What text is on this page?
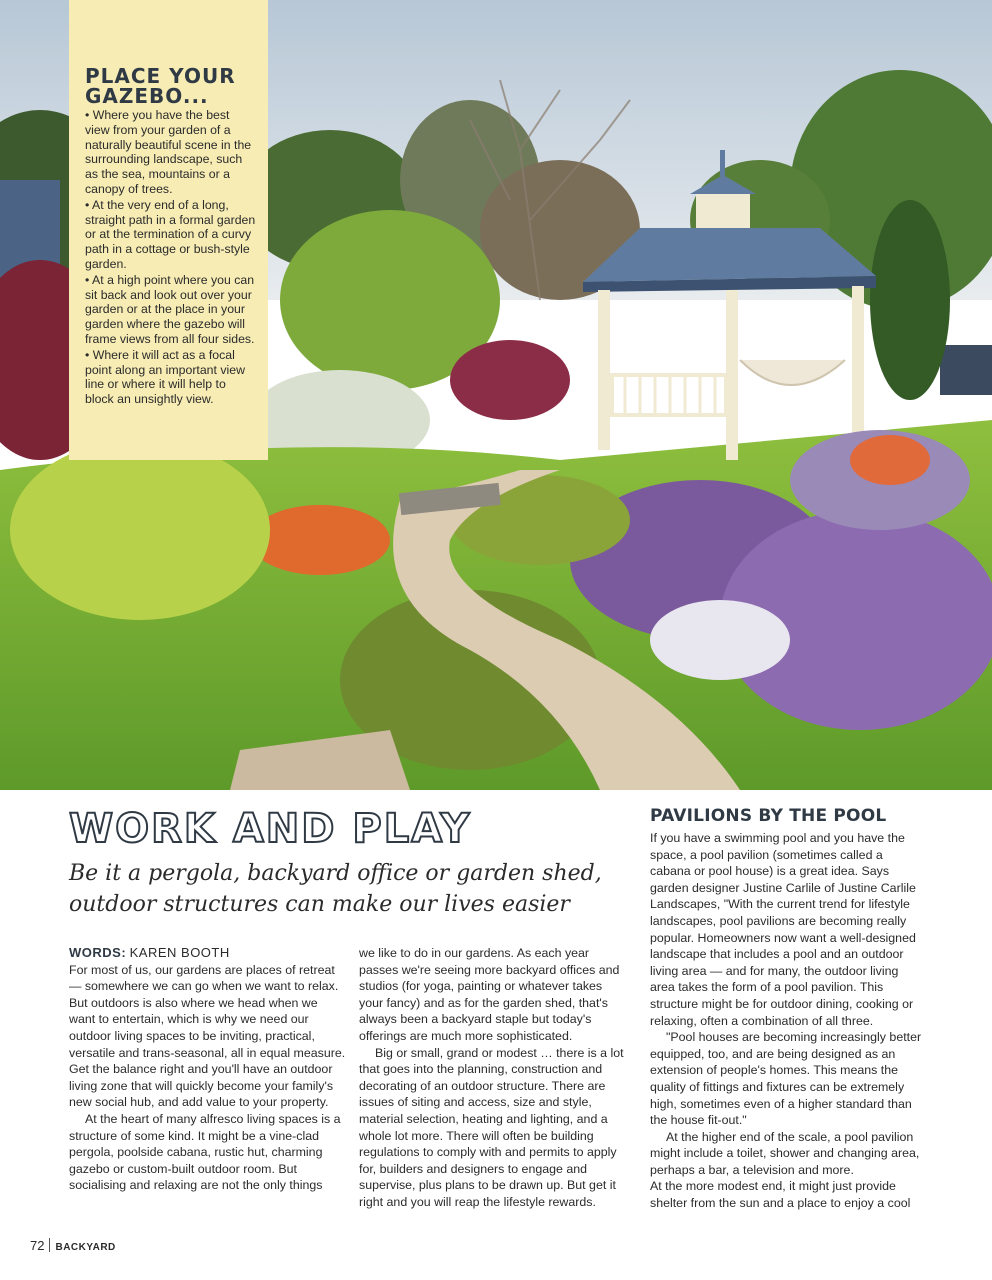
PLACE YOUR GAZEBO...

• Where you have the best view from your garden of a naturally beautiful scene in the surrounding landscape, such as the sea, mountains or a canopy of trees.

• At the very end of a long, straight path in a formal garden or at the termination of a curvy path in a cottage or bush-style garden.

• At a high point where you can sit back and look out over your garden or at the place in your garden where the gazebo will frame views from all four sides.

• Where it will act as a focal point along an important view line or where it will help to block an unsightly view.

WORK AND PLAY

Be it a pergola, backyard office or garden shed, outdoor structures can make our lives easier

WORDS: KAREN BOOTH

For most of us, our gardens are places of retreat — somewhere we can go when we want to relax. But outdoors is also where we head when we want to entertain, which is why we need our outdoor living spaces to be inviting, practical, versatile and trans-seasonal, all in equal measure. Get the balance right and you'll have an outdoor living zone that will quickly become your family's new social hub, and add value to your property.

At the heart of many alfresco living spaces is a structure of some kind. It might be a vine-clad pergola, poolside cabana, rustic hut, charming gazebo or custom-built outdoor room. But socialising and relaxing are not the only things

we like to do in our gardens. As each year passes we're seeing more backyard offices and studios (for yoga, painting or whatever takes your fancy) and as for the garden shed, that's always been a backyard staple but today's offerings are much more sophisticated.

Big or small, grand or modest … there is a lot that goes into the planning, construction and decorating of an outdoor structure. There are issues of siting and access, size and style, material selection, heating and lighting, and a whole lot more. There will often be building regulations to comply with and permits to apply for, builders and designers to engage and supervise, plus plans to be drawn up. But get it right and you will reap the lifestyle rewards.

PAVILIONS BY THE POOL

If you have a swimming pool and you have the space, a pool pavilion (sometimes called a cabana or pool house) is a great idea. Says garden designer Justine Carlile of Justine Carlile Landscapes, "With the current trend for lifestyle landscapes, pool pavilions are becoming really popular. Homeowners now want a well-designed landscape that includes a pool and an outdoor living area — and for many, the outdoor living area takes the form of a pool pavilion. This structure might be for outdoor dining, cooking or relaxing, often a combination of all three.

"Pool houses are becoming increasingly better equipped, too, and are being designed as an extension of people's homes. This means the quality of fittings and fixtures can be extremely high, sometimes even of a higher standard than the house fit-out."

At the higher end of the scale, a pool pavilion might include a toilet, shower and changing area, perhaps a bar, a television and more.

At the more modest end, it might just provide shelter from the sun and a place to enjoy a cool

72 BACKYARD
